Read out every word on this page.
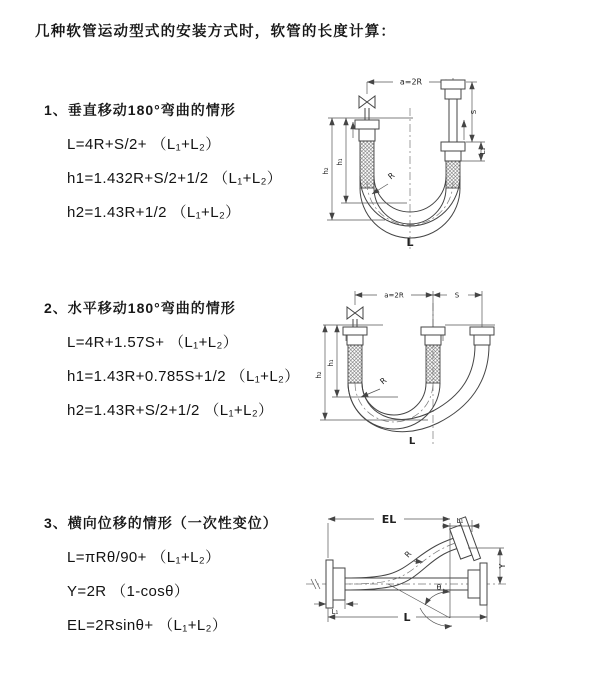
几种软管运动型式的安装方式时，软管的长度计算：
1、垂直移动180°弯曲的情形
L=4R+S/2+ （L₁+L₂）
h1=1.432R+S/2+1/2 （L₁+L₂）
h2=1.43R+1/2 （L₁+L₂）
2、水平移动180°弯曲的情形
L=4R+1.57S+ （L₁+L₂）
h1=1.43R+0.785S+1/2 （L₁+L₂）
h2=1.43R+S/2+1/2 （L₁+L₂）
3、横向位移的情形（一次性变位）
L=πRθ/90+ （L₁+L₂）
Y=2R （1-cosθ）
EL=2Rsinθ+ （L₁+L₂）
a=2R
h₁
h₂
S
L₁
R
L
a=2R	S
h₁
h₂
R
L
EL	L₁
Y
θ
R
L₁	L
